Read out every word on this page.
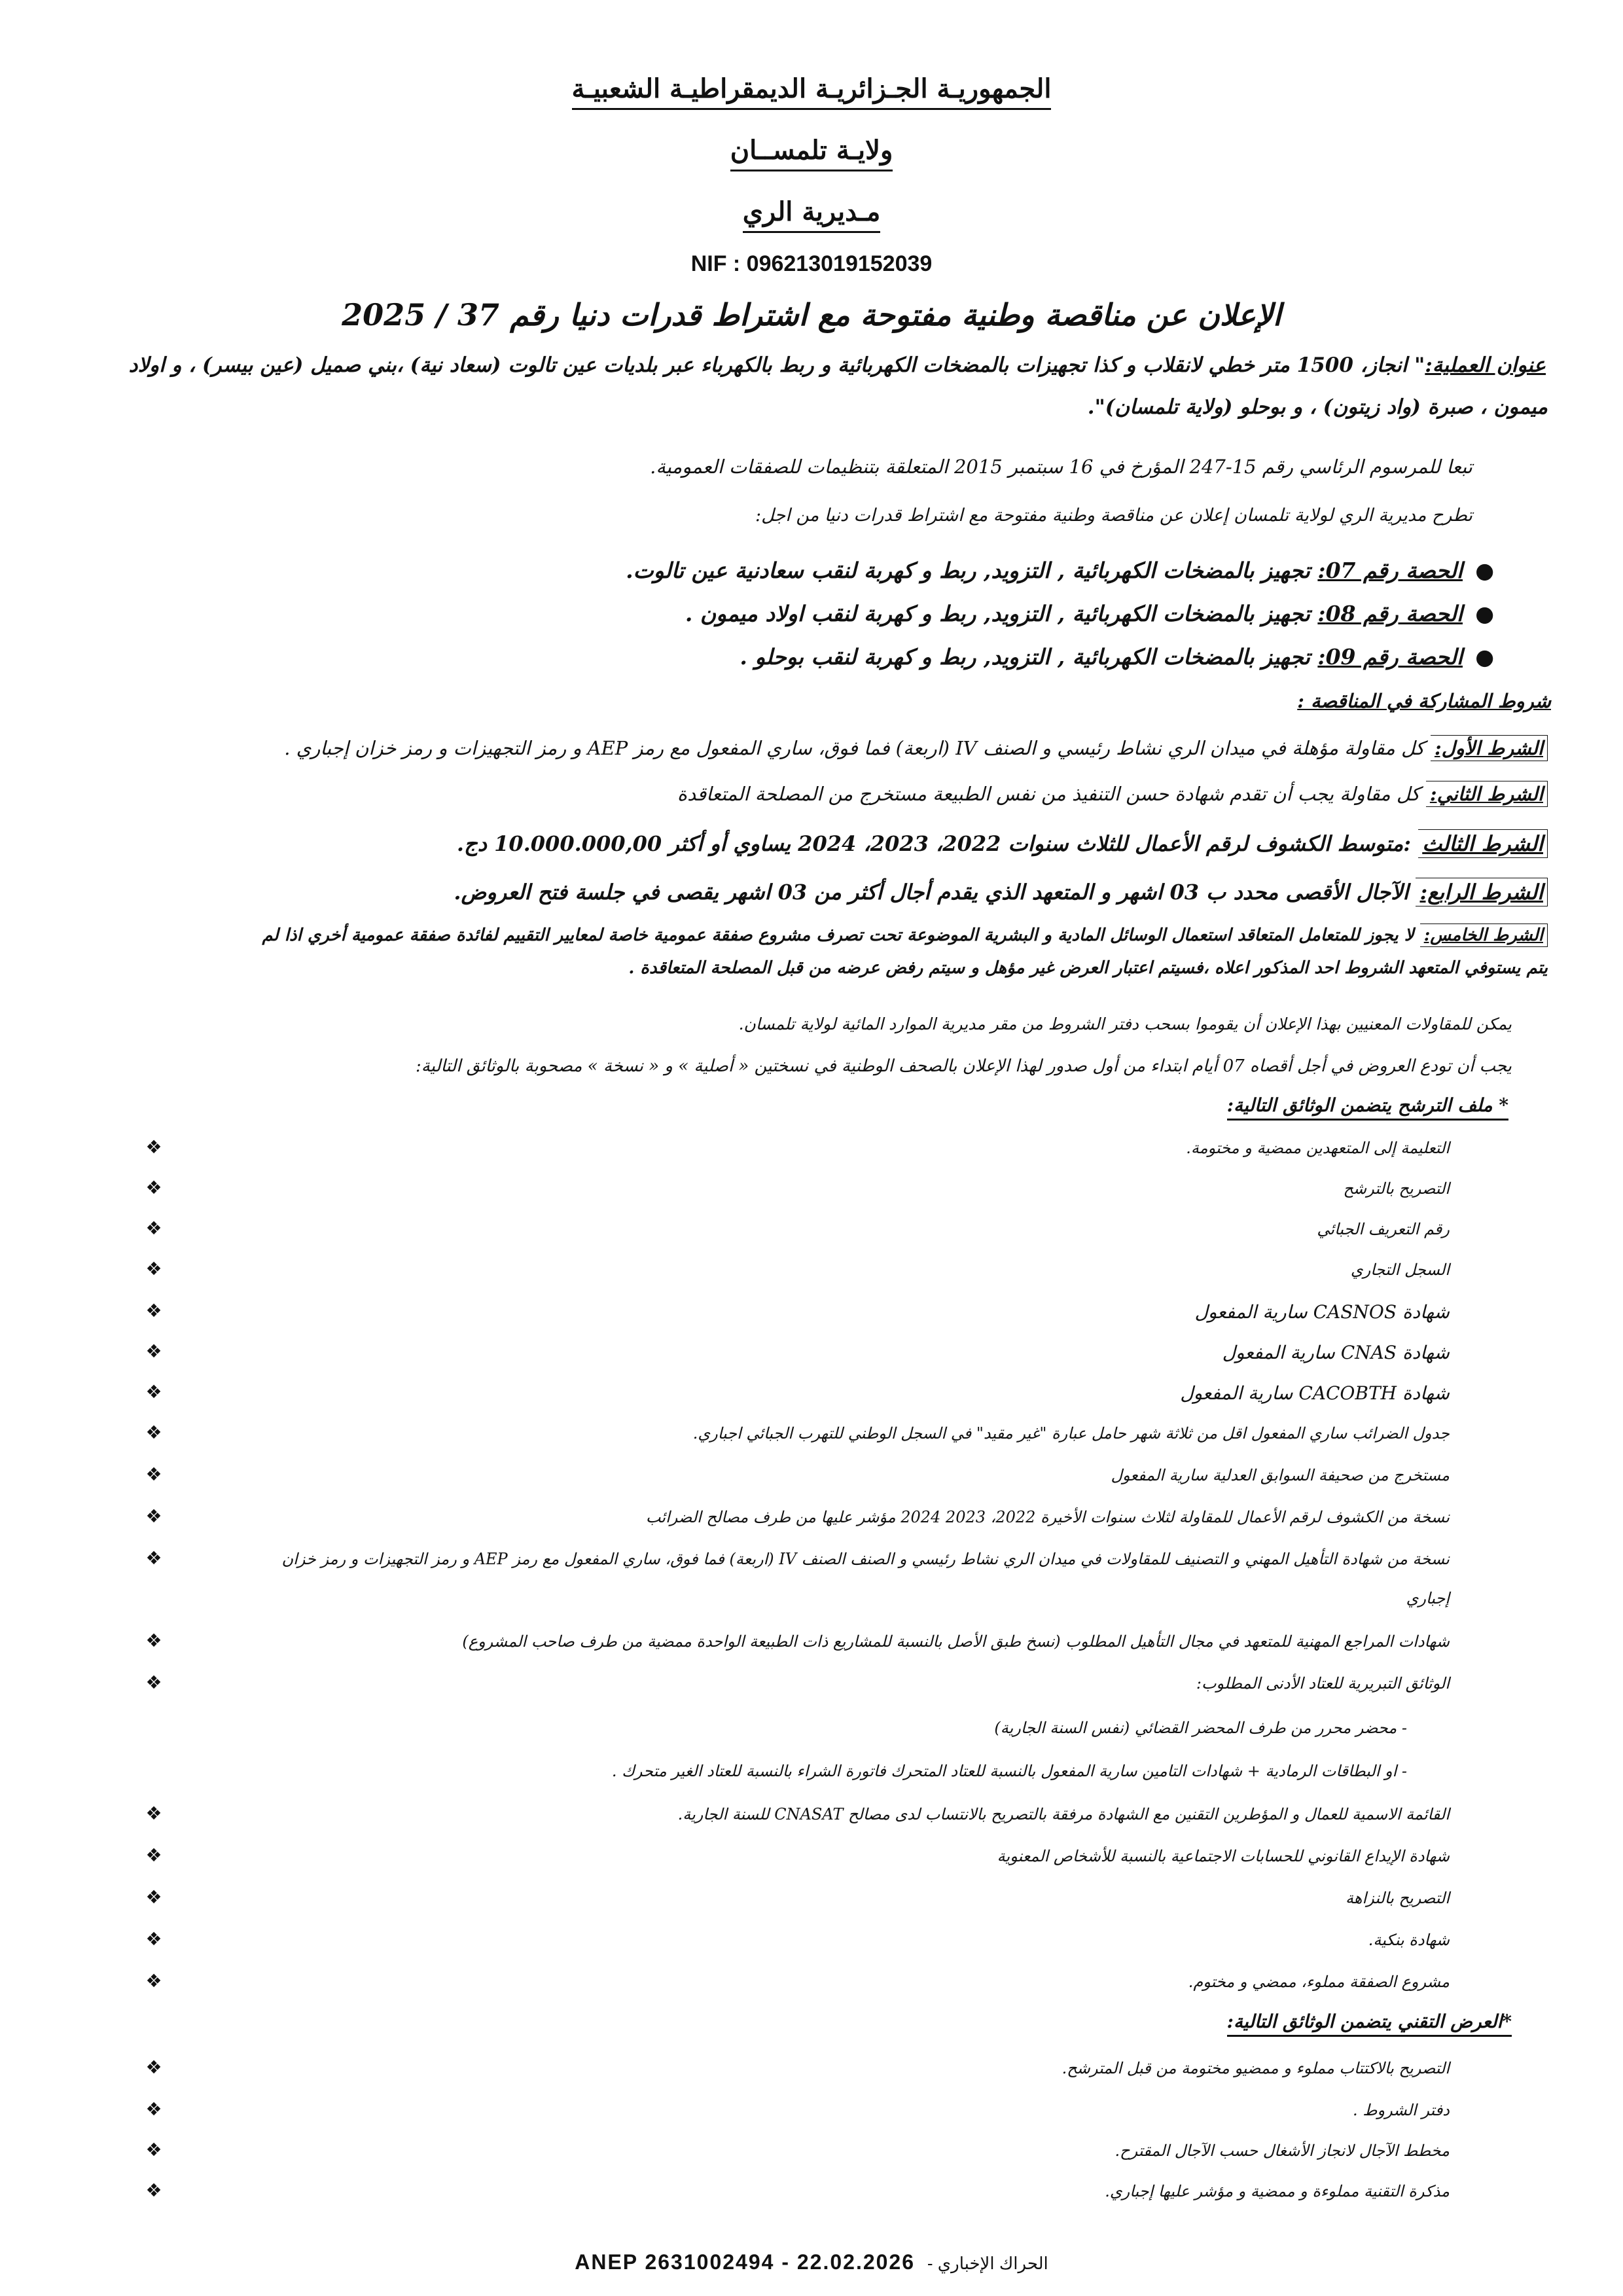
الجمهوريـة الجـزائريـة الديمقراطيـة الشعبيـة
ولايـة تلمســان
مـديرية الري
NIF : 096213019152039
الإعلان عن مناقصة وطنية مفتوحة مع اشتراط قدرات دنيا رقم 37 / 2025
عنوان العملية:" انجاز، 1500 متر خطي لانقلاب و كذا تجهيزات بالمضخات الكهربائية و ربط بالكهرباء عبر بلديات عين تالوت (سعاد نية) ،بني صميل (عين بيسر) ، و اولاد
ميمون ، صبرة (واد زيتون) ، و بوحلو (ولاية تلمسان)".
تبعا للمرسوم الرئاسي رقم 15-247 المؤرخ في 16 سبتمبر 2015 المتعلقة بتنظيمات للصفقات العمومية.
تطرح مديرية الري لولاية تلمسان إعلان عن مناقصة وطنية مفتوحة مع اشتراط قدرات دنيا من اجل:
●
الحصة رقم 07: تجهيز بالمضخات الكهربائية , التزويد, ربط و كهربة لنقب سعادنية عين تالوت.
●
الحصة رقم 08: تجهيز بالمضخات الكهربائية , التزويد, ربط و كهربة لنقب اولاد ميمون .
●
الحصة رقم 09: تجهيز بالمضخات الكهربائية , التزويد, ربط و كهربة لنقب بوحلو .
شروط المشاركة في المناقصة :
الشرط الأول: كل مقاولة مؤهلة في ميدان الري نشاط رئيسي و الصنف IV (اربعة) فما فوق، ساري المفعول مع رمز AEP و رمز التجهيزات و رمز خزان إجباري .
الشرط الثاني: كل مقاولة يجب أن تقدم شهادة حسن التنفيذ من نفس الطبيعة مستخرج من المصلحة المتعاقدة
الشرط الثالث :متوسط الكشوف لرقم الأعمال للثلاث سنوات 2022، 2023، 2024 يساوي أو أكثر 10.000.000,00 دج.
الشرط الرابع: الآجال الأقصى محدد ب 03 اشهر و المتعهد الذي يقدم أجال أكثر من 03 اشهر يقصى في جلسة فتح العروض.
الشرط الخامس: لا يجوز للمتعامل المتعاقد استعمال الوسائل المادية و البشرية الموضوعة تحت تصرف مشروع صفقة عمومية خاصة لمعايير التقييم لفائدة صفقة عمومية أخري اذا لم
يتم يستوفي المتعهد الشروط احد المذكور اعلاه ،فسيتم اعتبار العرض غير مؤهل و سيتم رفض عرضه من قبل المصلحة المتعاقدة .
يمكن للمقاولات المعنيين بهذا الإعلان أن يقوموا بسحب دفتر الشروط من مقر مديرية الموارد المائية لولاية تلمسان.
يجب أن تودع العروض في أجل أقصاه 07 أيام ابتداء من أول صدور لهذا الإعلان بالصحف الوطنية في نسختين « أصلية » و « نسخة » مصحوبة بالوثائق التالية:
* ملف الترشح يتضمن الوثائق التالية:
التعليمة إلى المتعهدين ممضية و مختومة.
❖
التصريح بالترشح
❖
رقم التعريف الجبائي
❖
السجل التجاري
❖
شهادة CASNOS سارية المفعول
❖
شهادة CNAS سارية المفعول
❖
شهادة CACOBTH سارية المفعول
❖
جدول الضرائب ساري المفعول اقل من ثلاثة شهر حامل عبارة "غير مقيد" في السجل الوطني للتهرب الجبائي اجباري.
❖
مستخرج من صحيفة السوابق العدلية سارية المفعول
❖
نسخة من الكشوف لرقم الأعمال للمقاولة لثلاث سنوات الأخيرة 2022، 2023 2024 مؤشر عليها من طرف مصالح الضرائب
❖
نسخة من شهادة التأهيل المهني و التصنيف للمقاولات في ميدان الري نشاط رئيسي و الصنف الصنف IV (اربعة) فما فوق، ساري المفعول مع رمز AEP و رمز التجهيزات و رمز خزان
❖
إجباري
شهادات المراجع المهنية للمتعهد في مجال التأهيل المطلوب (نسخ طبق الأصل بالنسبة للمشاريع ذات الطبيعة الواحدة ممضية من طرف صاحب المشروع)
❖
الوثائق التبريرية للعتاد الأدنى المطلوب:
❖
- محضر محرر من طرف المحضر القضائي (نفس السنة الجارية)
- او البطاقات الرمادية + شهادات التامين سارية المفعول بالنسبة للعتاد المتحرك فاتورة الشراء بالنسبة للعتاد الغير متحرك .
القائمة الاسمية للعمال و المؤطرين التقنين مع الشهادة مرفقة بالتصريح بالانتساب لدى مصالح CNASAT للسنة الجارية.
❖
شهادة الإيداع القانوني للحسابات الاجتماعية بالنسبة للأشخاص المعنوية
❖
التصريح بالنزاهة
❖
شهادة بنكية.
❖
مشروع الصفقة مملوء، ممضي و مختوم.
❖
*العرض التقني يتضمن الوثائق التالية:
التصريح بالاكتتاب مملوء و ممضيو مختومة من قبل المترشح.
❖
دفتر الشروط .
❖
مخطط الآجال لانجاز الأشغال حسب الآجال المقترح.
❖
مذكرة التقنية مملوءة و ممضية و مؤشر عليها إجباري.
❖
ANEP 2631002494 - 22.02.2026 - الحراك الإخباري
